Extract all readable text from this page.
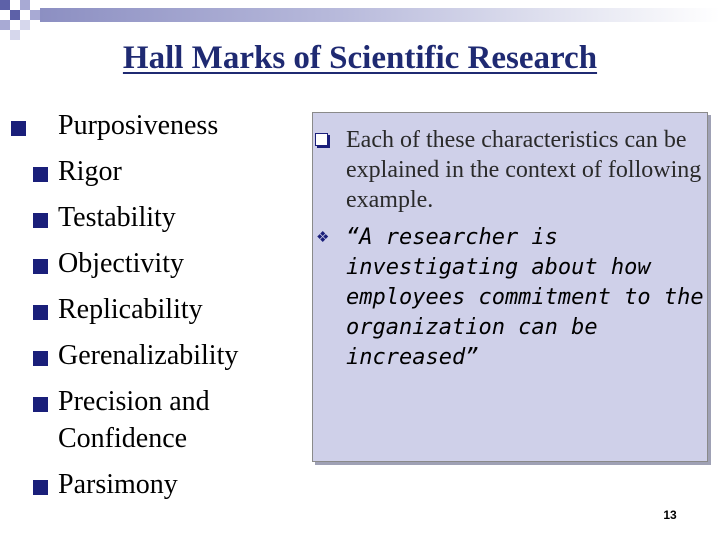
Hall Marks of Scientific Research
Purposiveness
Rigor
Testability
Objectivity
Replicability
Gerenalizability
Precision and Confidence
Parsimony
Each of these characteristics can be explained in the context of following example.
❖ “A researcher is investigating about how employees commitment to the organization can be increased”
13
